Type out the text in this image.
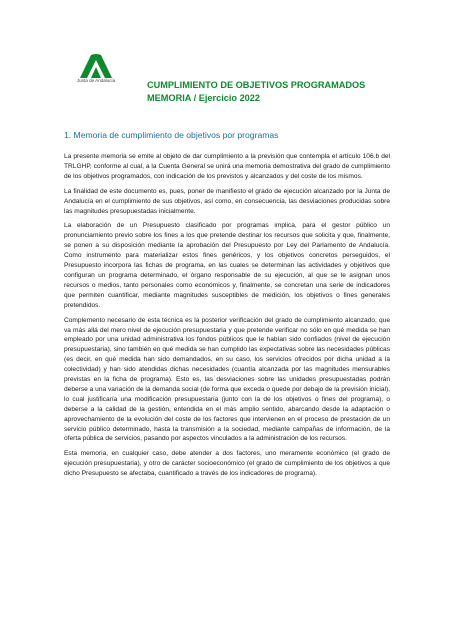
Junta de Andalucía	CUMPLIMIENTO DE OBJETIVOS PROGRAMADOS
MEMORIA / Ejercicio 2022
1. Memoria de cumplimiento de objetivos por programas

La presente memoria se emite al objeto de dar cumplimiento a la previsión que contempla el artículo 106.b del TRLGHP, conforme al cual, a la Cuenta General se unirá una memoria demostrativa del grado de cumplimiento de los objetivos programados, con indicación de los previstos y alcanzados y del coste de los mismos.

La finalidad de este documento es, pues, poner de manifiesto el grado de ejecución alcanzado por la Junta de Andalucía en el cumplimiento de sus objetivos, así como, en consecuencia, las desviaciones producidas sobre las magnitudes presupuestadas inicialmente.

La elaboración de un Presupuesto clasificado por programas implica, para el gestor público un pronunciamiento previo sobre los fines a los que pretende destinar los recursos que solicita y que, finalmente, se ponen a su disposición mediante la aprobación del Presupuesto por Ley del Parlamento de Andalucía. Como instrumento para materializar estos fines genéricos, y los objetivos concretos perseguidos, el Presupuesto incorpora las fichas de programa, en las cuales se determinan las actividades y objetivos que configuran un programa determinado, el órgano responsable de su ejecución, al que se le asignan unos recursos o medios, tanto personales como económicos y, finalmente, se concretan una serie de indicadores que permiten cuantificar, mediante magnitudes susceptibles de medición, los objetivos o fines generales pretendidos.

Complemento necesario de esta técnica es la posterior verificación del grado de cumplimiento alcanzado, que va más allá del mero nivel de ejecución presupuestaria y que pretende verificar no sólo en qué medida se han empleado por una unidad administrativa los fondos públicos que le habían sido confiados (nivel de ejecución presupuestaria), sino también en qué medida se han cumplido las expectativas sobre las necesidades públicas (es decir, en qué medida han sido demandados, en su caso, los servicios ofrecidos por dicha unidad a la colectividad) y han sido atendidas dichas necesidades (cuantía alcanzada por las magnitudes mensurables previstas en la ficha de programa). Esto es, las desviaciones sobre las unidades presupuestadas podrán deberse a una variación de la demanda social (de forma que exceda o quede por debajo de la previsión inicial), lo cual justificaría una modificación presupuestaria (junto con la de los objetivos o fines del programa), o deberse a la calidad de la gestión, entendida en el más amplio sentido, abarcando desde la adaptación o aprovechamiento de la evolución del coste de los factores que intervienen en el proceso de prestación de un servicio público determinado, hasta la transmisión a la sociedad, mediante campañas de información, de la oferta pública de servicios, pasando por aspectos vinculados a la administración de los recursos.

Esta memoria, en cualquier caso, debe atender a dos factores, uno meramente económico (el grado de ejecución presupuestaria), y otro de carácter socioeconómico (el grado de cumplimiento de los objetivos a que dicho Presupuesto se afectaba, cuantificado a través de los indicadores de programa).
